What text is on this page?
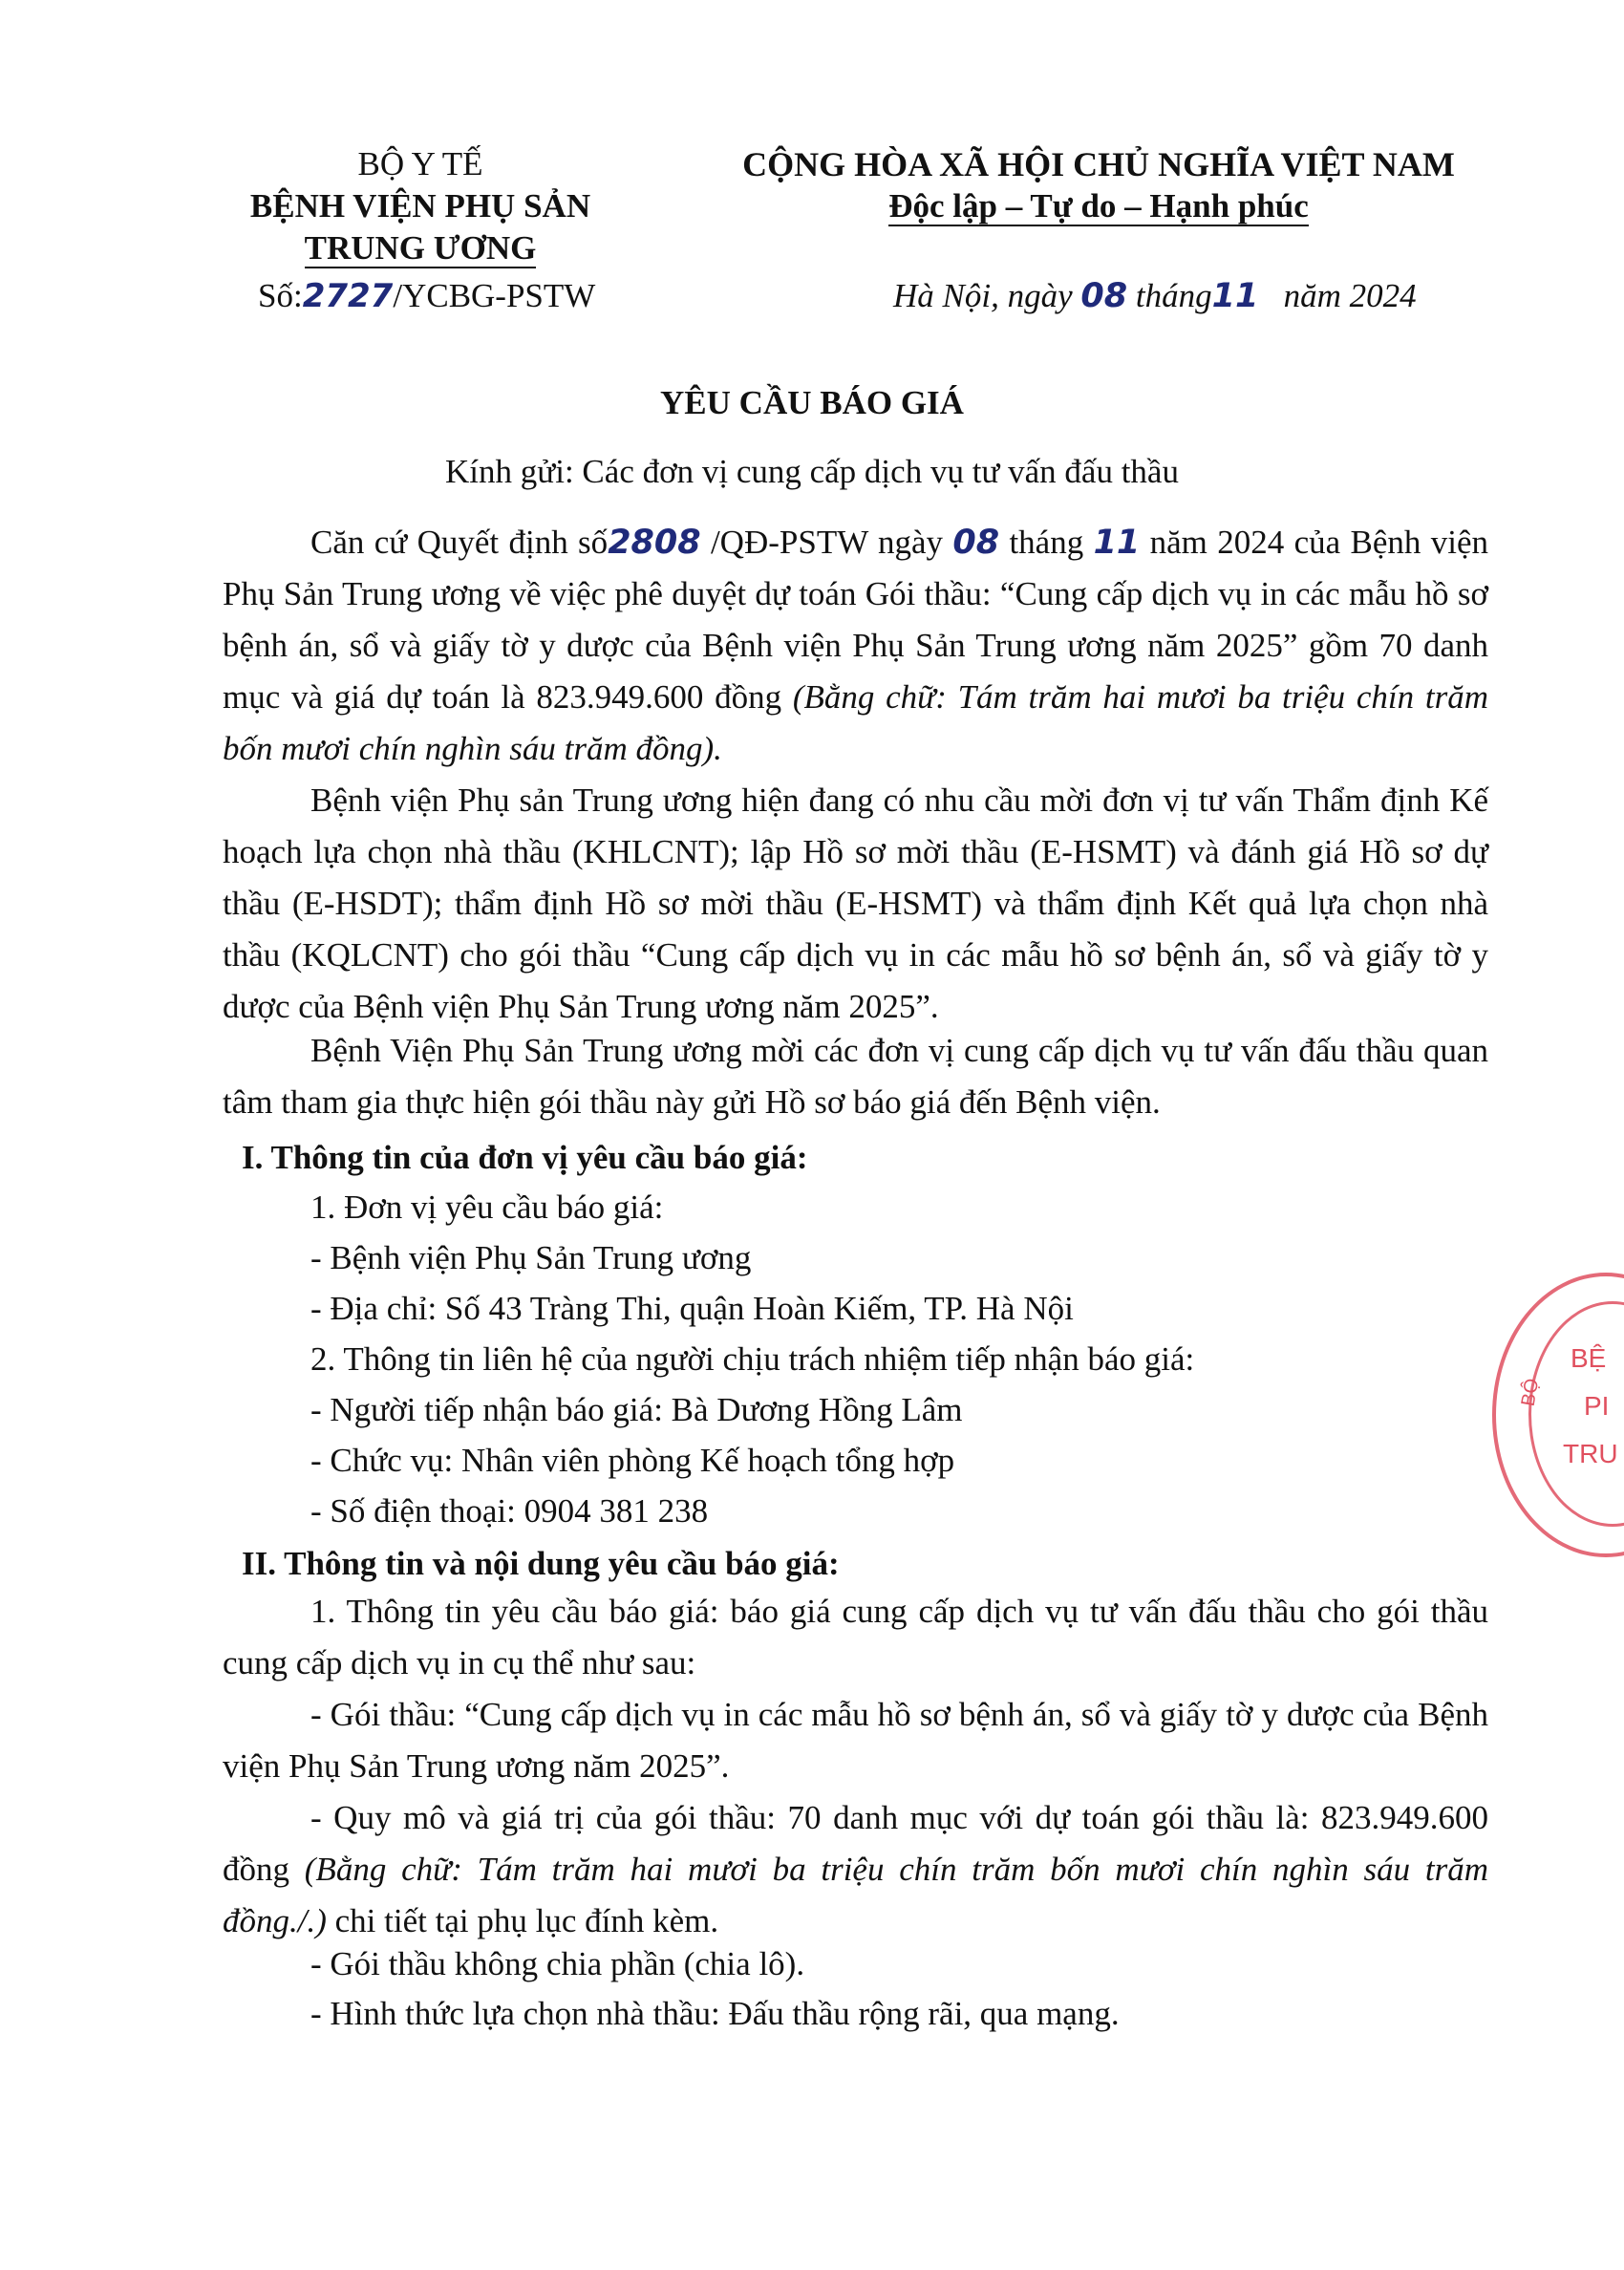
BỘ Y TẾ
BỆNH VIỆN PHỤ SẢN
TRUNG ƯƠNG
Số:2727/YCBG-PSTW
CỘNG HÒA XÃ HỘI CHỦ NGHĨA VIỆT NAM
Độc lập – Tự do – Hạnh phúc
Hà Nội, ngày 08 tháng11 năm 2024
YÊU CẦU BÁO GIÁ
Kính gửi: Các đơn vị cung cấp dịch vụ tư vấn đấu thầu
Căn cứ Quyết định số2808 /QĐ-PSTW ngày 08 tháng 11 năm 2024 của Bệnh viện Phụ Sản Trung ương về việc phê duyệt dự toán Gói thầu: “Cung cấp dịch vụ in các mẫu hồ sơ bệnh án, sổ và giấy tờ y dược của Bệnh viện Phụ Sản Trung ương năm 2025” gồm 70 danh mục và giá dự toán là 823.949.600 đồng (Bằng chữ: Tám trăm hai mươi ba triệu chín trăm bốn mươi chín nghìn sáu trăm đồng).
Bệnh viện Phụ sản Trung ương hiện đang có nhu cầu mời đơn vị tư vấn Thẩm định Kế hoạch lựa chọn nhà thầu (KHLCNT); lập Hồ sơ mời thầu (E-HSMT) và đánh giá Hồ sơ dự thầu (E-HSDT); thẩm định Hồ sơ mời thầu (E-HSMT) và thẩm định Kết quả lựa chọn nhà thầu (KQLCNT) cho gói thầu “Cung cấp dịch vụ in các mẫu hồ sơ bệnh án, sổ và giấy tờ y dược của Bệnh viện Phụ Sản Trung ương năm 2025”.
Bệnh Viện Phụ Sản Trung ương mời các đơn vị cung cấp dịch vụ tư vấn đấu thầu quan tâm tham gia thực hiện gói thầu này gửi Hồ sơ báo giá đến Bệnh viện.
I. Thông tin của đơn vị yêu cầu báo giá:
1. Đơn vị yêu cầu báo giá:
- Bệnh viện Phụ Sản Trung ương
- Địa chỉ: Số 43 Tràng Thi, quận Hoàn Kiếm, TP. Hà Nội
2. Thông tin liên hệ của người chịu trách nhiệm tiếp nhận báo giá:
- Người tiếp nhận báo giá: Bà Dương Hồng Lâm
- Chức vụ: Nhân viên phòng Kế hoạch tổng hợp
- Số điện thoại: 0904 381 238
II. Thông tin và nội dung yêu cầu báo giá:
1. Thông tin yêu cầu báo giá: báo giá cung cấp dịch vụ tư vấn đấu thầu cho gói thầu cung cấp dịch vụ in cụ thể như sau:
- Gói thầu: “Cung cấp dịch vụ in các mẫu hồ sơ bệnh án, sổ và giấy tờ y dược của Bệnh viện Phụ Sản Trung ương năm 2025”.
- Quy mô và giá trị của gói thầu: 70 danh mục với dự toán gói thầu là: 823.949.600 đồng (Bằng chữ: Tám trăm hai mươi ba triệu chín trăm bốn mươi chín nghìn sáu trăm đồng./.) chi tiết tại phụ lục đính kèm.
- Gói thầu không chia phần (chia lô).
- Hình thức lựa chọn nhà thầu: Đấu thầu rộng rãi, qua mạng.
BỆ
PI
TRU
BỘ
